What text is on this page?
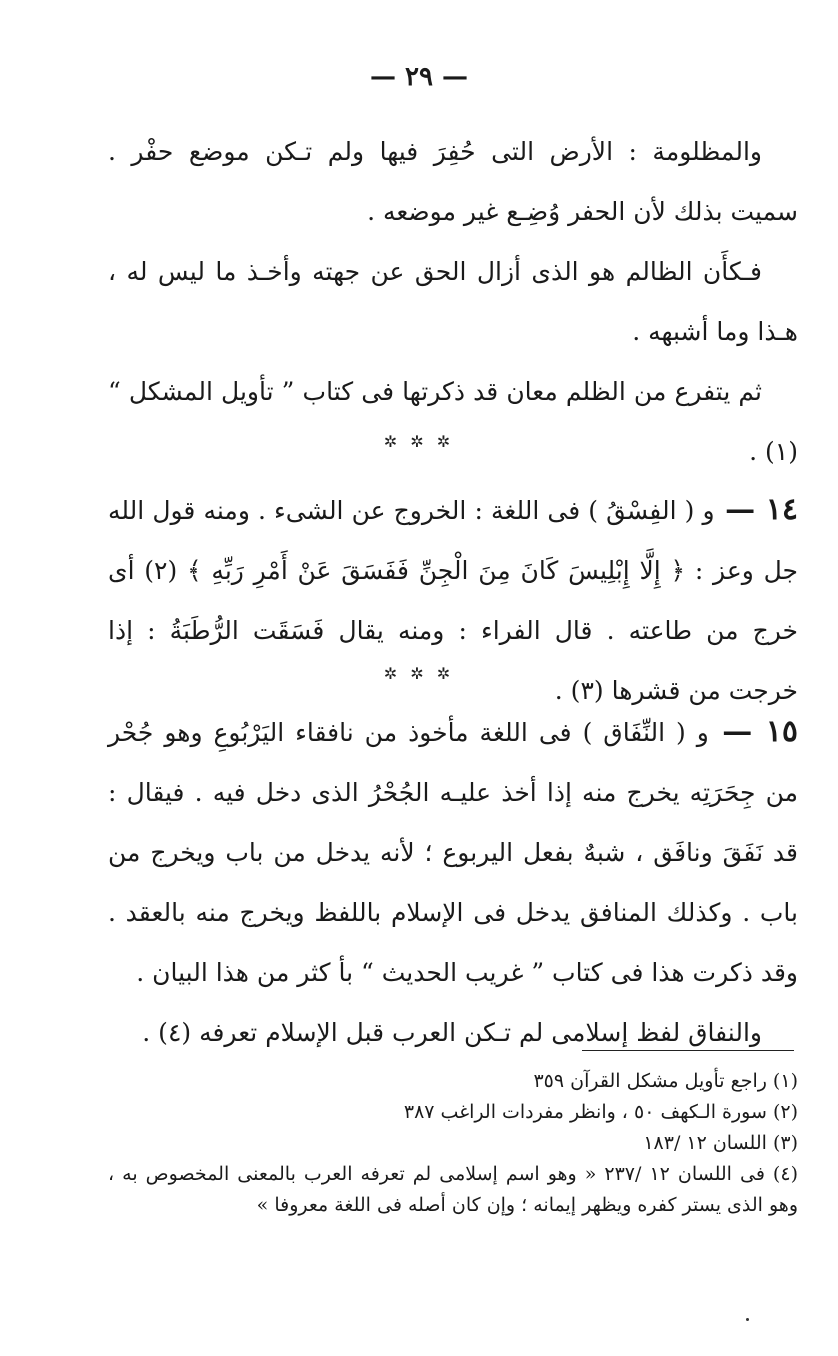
— ٢٩ —

والمظلومة : الأرض التى حُفِرَ فيها ولم تـكن موضع حفْر . سميت بذلك لأن الحفر وُضِـع غير موضعه .

فـكأَن الظالم هو الذى أزال الحق عن جهته وأخـذ ما ليس له ، هـذا وما أشبهه .

ثم يتفرع من الظلم معان قد ذكرتها فى كتاب ” تأويل المشكل “ (١) .

✲ ✲ ✲

١٤ — و ( الفِسْقُ ) فى اللغة : الخروج عن الشىء . ومنه قول الله جل وعز : ﴿ إِلَّا إِبْلِيسَ كَانَ مِنَ الْجِنِّ فَفَسَقَ عَنْ أَمْرِ رَبِّهِ ﴾ (٢) أى خرج من طاعته . قال الفراء : ومنه يقال فَسَقَت الرُّطَبَةُ : إذا خرجت من قشرها (٣) .

✲ ✲ ✲

١٥ — و ( النِّفَاق ) فى اللغة مأخوذ من نافقاء اليَرْبُوعِ وهو جُحْر من جِحَرَتِه يخرج منه إذا أخذ عليـه الجُحْرُ الذى دخل فيه . فيقال : قد نَفَقَ ونافَق ، شبهٌ بفعل اليربوع ؛ لأنه يدخل من باب ويخرج من باب . وكذلك المنافق يدخل فى الإسلام باللفظ ويخرج منه بالعقد . وقد ذكرت هذا فى كتاب ” غريب الحديث “ بأ كثر من هذا البيان .

والنفاق لفظ إسلامى لم تـكن العرب قبل الإسلام تعرفه (٤) .

(١) راجع تأويل مشكل القرآن ٣٥٩

(٢) سورة الـكهف ٥٠ ، وانظر مفردات الراغب ٣٨٧

(٣) اللسان ١٢ /١٨٣

(٤) فى اللسان ١٢ /٢٣٧ « وهو اسم إسلامى لم تعرفه العرب بالمعنى المخصوص به ، وهو الذى يستر كفره ويظهر إيمانه ؛ وإن كان أصله فى اللغة معروفا »
